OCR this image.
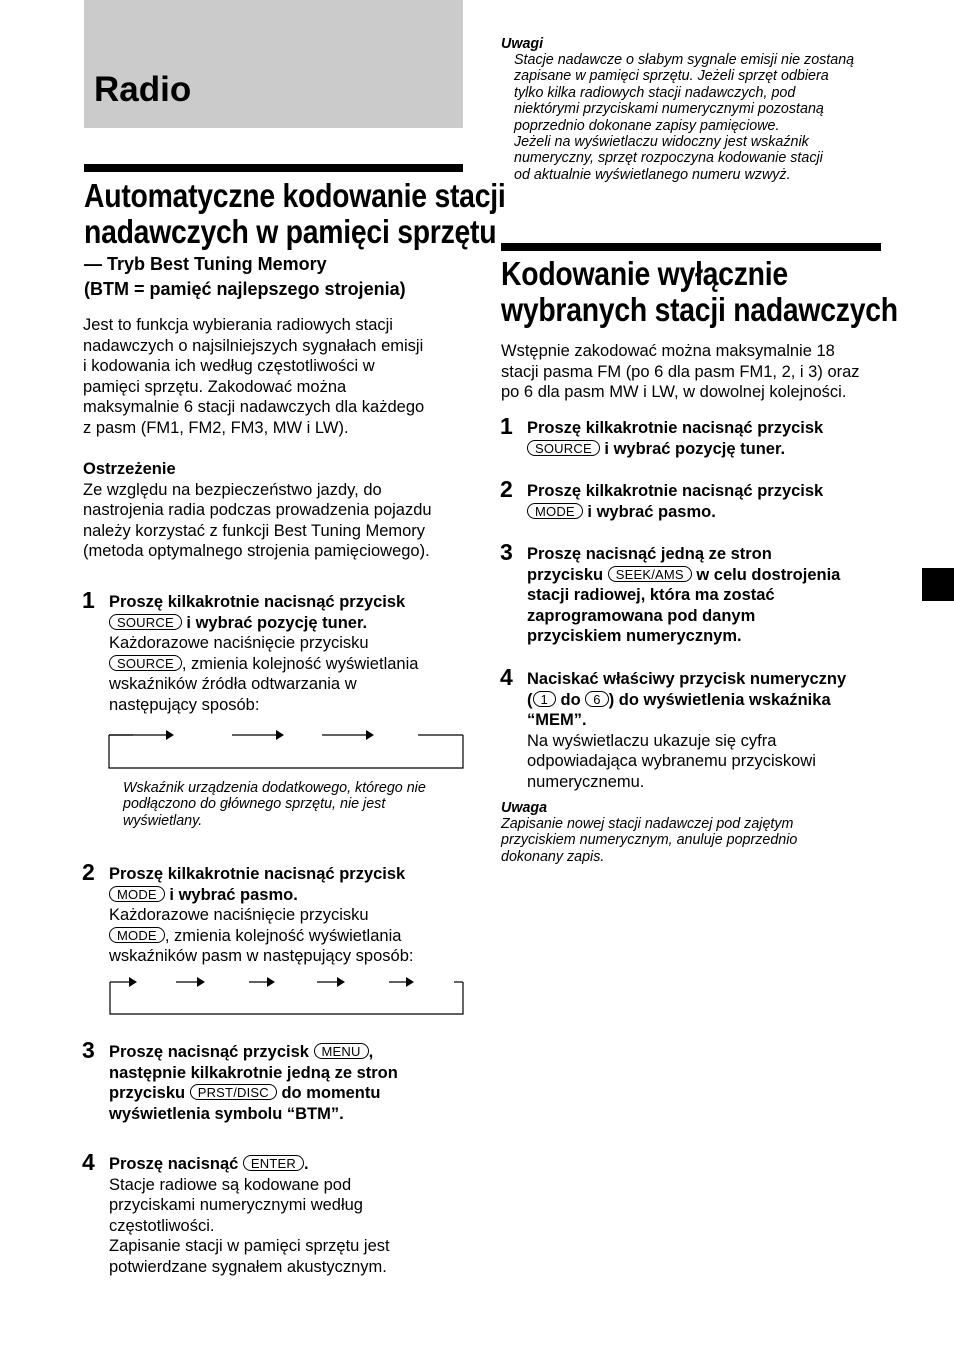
Radio
Automatyczne kodowanie stacji
nadawczych w pamięci sprzętu

— Tryb Best Tuning Memory

(BTM = pamięć najlepszego strojenia)

Jest to funkcja wybierania radiowych stacji

nadawczych o najsilniejszych sygnałach emisji

i kodowania ich według częstotliwości w

pamięci sprzętu. Zakodować można

maksymalnie 6 stacji nadawczych dla każdego

z pasm (FM1, FM2, FM3, MW i LW).

Ostrzeżenie

Ze względu na bezpieczeństwo jazdy, do

nastrojenia radia podczas prowadzenia pojazdu

należy korzystać z funkcji Best Tuning Memory

(metoda optymalnego strojenia pamięciowego).

1 Proszę kilkakrotnie nacisnąć przycisk

SOURCE i wybrać pozycję tuner.

Każdorazowe naciśnięcie przycisku

SOURCE , zmienia kolejność wyświetlania

wskaźników źródła odtwarzania w

następujący sposób:

Wskaźnik urządzenia dodatkowego, którego nie

podłączono do głównego sprzętu, nie jest

wyświetlany.

2 Proszę kilkakrotnie nacisnąć przycisk

MODE i wybrać pasmo.

Każdorazowe naciśnięcie przycisku

MODE , zmienia kolejność wyświetlania

wskaźników pasm w następujący sposób:

3 Proszę nacisnąć przycisk MENU ,

następnie kilkakrotnie jedną ze stron

przycisku PRST/DISC do momentu

wyświetlenia symbolu “BTM”.

4 Proszę nacisnąć ENTER .

Stacje radiowe są kodowane pod

przyciskami numerycznymi według

częstotliwości.

Zapisanie stacji w pamięci sprzętu jest

potwierdzane sygnałem akustycznym.

Uwagi

Stacje nadawcze o słabym sygnale emisji nie zostaną

zapisane w pamięci sprzętu. Jeżeli sprzęt odbiera

tylko kilka radiowych stacji nadawczych, pod

niektórymi przyciskami numerycznymi pozostaną

poprzednio dokonane zapisy pamięciowe.

Jeżeli na wyświetlaczu widoczny jest wskaźnik

numeryczny, sprzęt rozpoczyna kodowanie stacji

od aktualnie wyświetlanego numeru wzwyż.

Kodowanie wyłącznie
wybranych stacji nadawczych

Wstępnie zakodować można maksymalnie 18

stacji pasma FM (po 6 dla pasm FM1, 2, i 3) oraz

po 6 dla pasm MW i LW, w dowolnej kolejności.

1 Proszę kilkakrotnie nacisnąć przycisk

SOURCE i wybrać pozycję tuner.

2 Proszę kilkakrotnie nacisnąć przycisk

MODE i wybrać pasmo.

3 Proszę nacisnąć jedną ze stron

przycisku SEEK/AMS w celu dostrojenia

stacji radiowej, która ma zostać

zaprogramowana pod danym

przyciskiem numerycznym.

4 Naciskać właściwy przycisk numeryczny

( 1 do 6 ) do wyświetlenia wskaźnika

“MEM”.

Na wyświetlaczu ukazuje się cyfra

odpowiadająca wybranemu przyciskowi

numerycznemu.

Uwaga

Zapisanie nowej stacji nadawczej pod zajętym

przyciskiem numerycznym, anuluje poprzednio

dokonany zapis.
